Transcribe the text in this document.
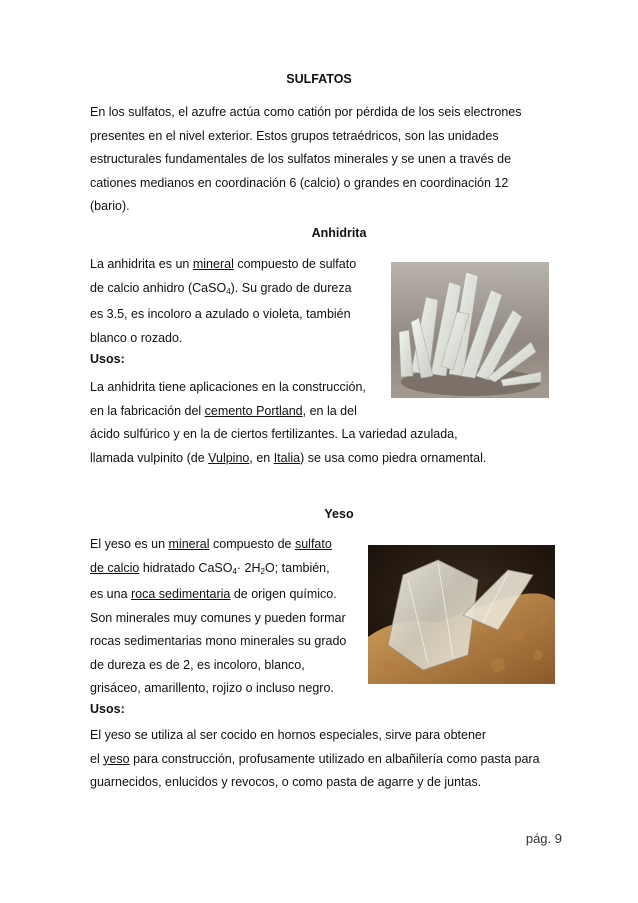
SULFATOS
En los sulfatos, el azufre actúa como catión por pérdida de los seis electrones
presentes en el nivel exterior. Estos grupos tetraédricos, son las unidades
estructurales fundamentales de los sulfatos minerales y se unen a través de
cationes medianos en coordinación 6 (calcio) o grandes en coordinación 12
(bario).
Anhidrita
La anhidrita es un mineral compuesto de sulfato
de calcio anhidro (CaSO$_4$). Su grado de dureza
es 3.5, es incoloro a azulado o violeta, también
blanco o rozado.
Usos:
La anhidrita tiene aplicaciones en la construcción,
en la fabricación del cemento Portland, en la del
ácido sulfúrico y en la de ciertos fertilizantes. La variedad azulada,
llamada vulpinito (de Vulpino, en Italia) se usa como piedra ornamental.
Yeso
El yeso es un mineral compuesto de sulfato
de calcio hidratado CaSO$_4$· $2H_2O$; también,
es una roca sedimentaria de origen químico.
Son minerales muy comunes y pueden formar
rocas sedimentarias mono minerales su grado
de dureza es de 2, es incoloro, blanco,
grisáceo, amarillento, rojizo o incluso negro.
Usos:
El yeso se utiliza al ser cocido en hornos especiales, sirve para obtener
el yeso para construcción, profusamente utilizado en albañilería como pasta para
guarnecidos, enlucidos y revocos, o como pasta de agarre y de juntas.
pág. 9
